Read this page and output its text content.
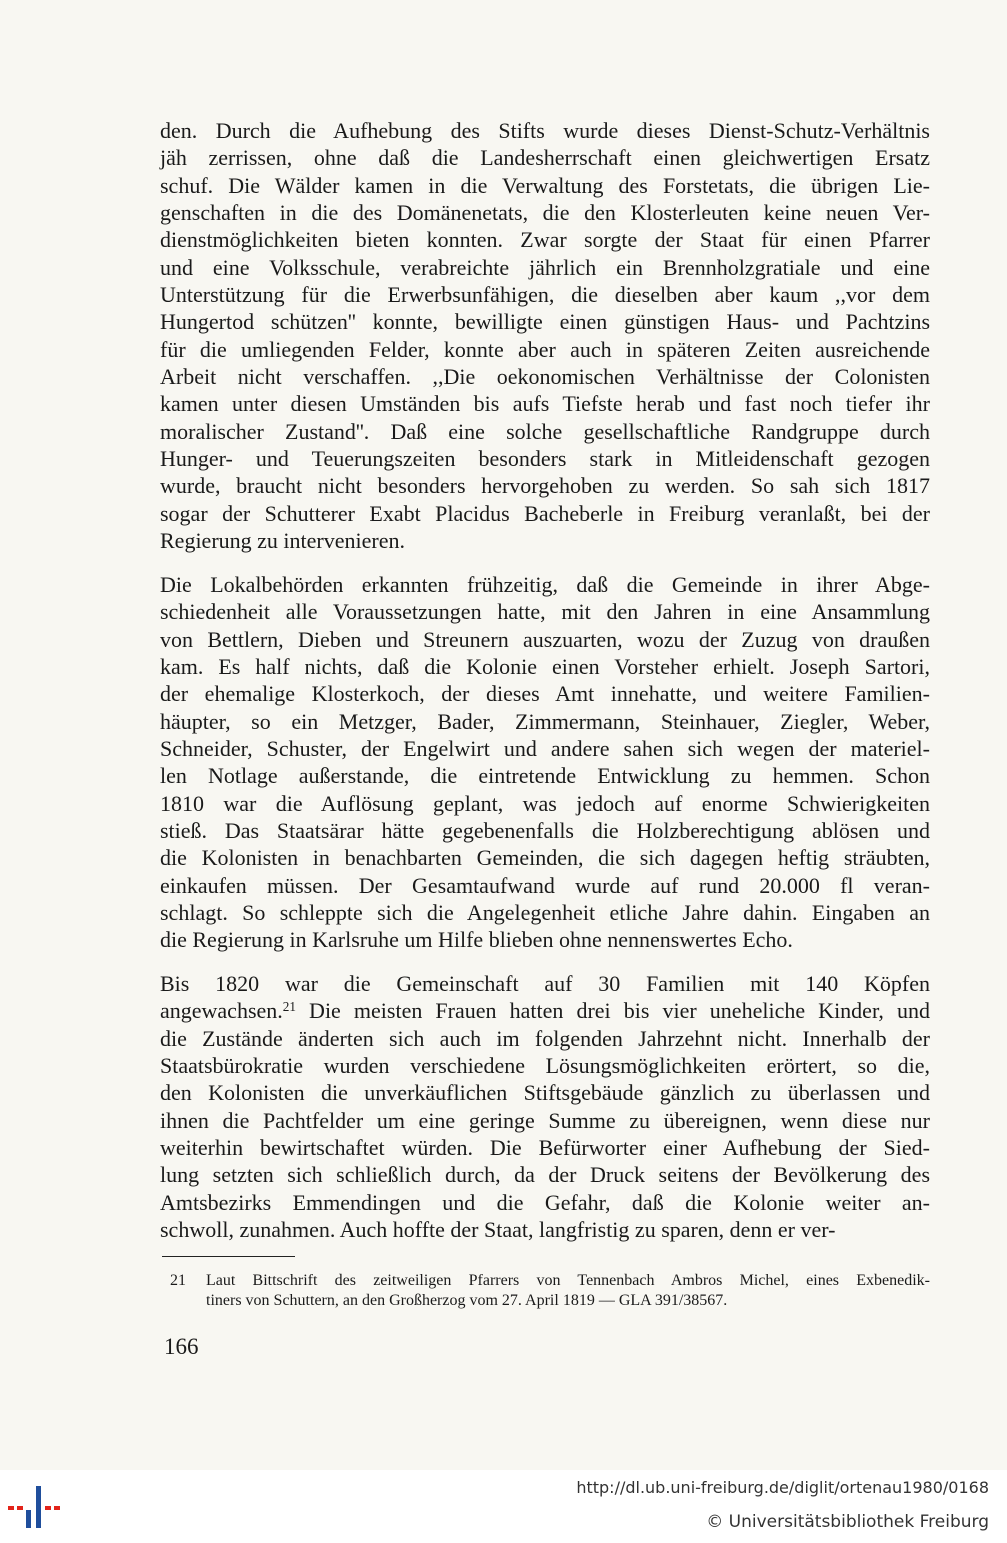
den. Durch die Aufhebung des Stifts wurde dieses Dienst-Schutz-Verhältnis
jäh zerrissen, ohne daß die Landesherrschaft einen gleichwertigen Ersatz
schuf. Die Wälder kamen in die Verwaltung des Forstetats, die übrigen Lie-
genschaften in die des Domänenetats, die den Klosterleuten keine neuen Ver-
dienstmöglichkeiten bieten konnten. Zwar sorgte der Staat für einen Pfarrer
und eine Volksschule, verabreichte jährlich ein Brennholzgratiale und eine
Unterstützung für die Erwerbsunfähigen, die dieselben aber kaum ,,vor dem
Hungertod schützen'' konnte, bewilligte einen günstigen Haus- und Pachtzins
für die umliegenden Felder, konnte aber auch in späteren Zeiten ausreichende
Arbeit nicht verschaffen. ,,Die oekonomischen Verhältnisse der Colonisten
kamen unter diesen Umständen bis aufs Tiefste herab und fast noch tiefer ihr
moralischer Zustand''. Daß eine solche gesellschaftliche Randgruppe durch
Hunger- und Teuerungszeiten besonders stark in Mitleidenschaft gezogen
wurde, braucht nicht besonders hervorgehoben zu werden. So sah sich 1817
sogar der Schutterer Exabt Placidus Bacheberle in Freiburg veranlaßt, bei der
Regierung zu intervenieren.
Die Lokalbehörden erkannten frühzeitig, daß die Gemeinde in ihrer Abge-
schiedenheit alle Voraussetzungen hatte, mit den Jahren in eine Ansammlung
von Bettlern, Dieben und Streunern auszuarten, wozu der Zuzug von draußen
kam. Es half nichts, daß die Kolonie einen Vorsteher erhielt. Joseph Sartori,
der ehemalige Klosterkoch, der dieses Amt innehatte, und weitere Familien-
häupter, so ein Metzger, Bader, Zimmermann, Steinhauer, Ziegler, Weber,
Schneider, Schuster, der Engelwirt und andere sahen sich wegen der materiel-
len Notlage außerstande, die eintretende Entwicklung zu hemmen. Schon
1810 war die Auflösung geplant, was jedoch auf enorme Schwierigkeiten
stieß. Das Staatsärar hätte gegebenenfalls die Holzberechtigung ablösen und
die Kolonisten in benachbarten Gemeinden, die sich dagegen heftig sträubten,
einkaufen müssen. Der Gesamtaufwand wurde auf rund 20.000 fl veran-
schlagt. So schleppte sich die Angelegenheit etliche Jahre dahin. Eingaben an
die Regierung in Karlsruhe um Hilfe blieben ohne nennenswertes Echo.
Bis 1820 war die Gemeinschaft auf 30 Familien mit 140 Köpfen
angewachsen.$^{21}$ Die meisten Frauen hatten drei bis vier uneheliche Kinder, und
die Zustände änderten sich auch im folgenden Jahrzehnt nicht. Innerhalb der
Staatsbürokratie wurden verschiedene Lösungsmöglichkeiten erörtert, so die,
den Kolonisten die unverkäuflichen Stiftsgebäude gänzlich zu überlassen und
ihnen die Pachtfelder um eine geringe Summe zu übereignen, wenn diese nur
weiterhin bewirtschaftet würden. Die Befürworter einer Aufhebung der Sied-
lung setzten sich schließlich durch, da der Druck seitens der Bevölkerung des
Amtsbezirks Emmendingen und die Gefahr, daß die Kolonie weiter an-
schwoll, zunahmen. Auch hoffte der Staat, langfristig zu sparen, denn er ver-
21 Laut Bittschrift des zeitweiligen Pfarrers von Tennenbach Ambros Michel, eines Exbenedik-
tiners von Schuttern, an den Großherzog vom 27. April 1819 — GLA 391/38567.
166
http://dl.ub.uni-freiburg.de/diglit/ortenau1980/0168
© Universitätsbibliothek Freiburg
